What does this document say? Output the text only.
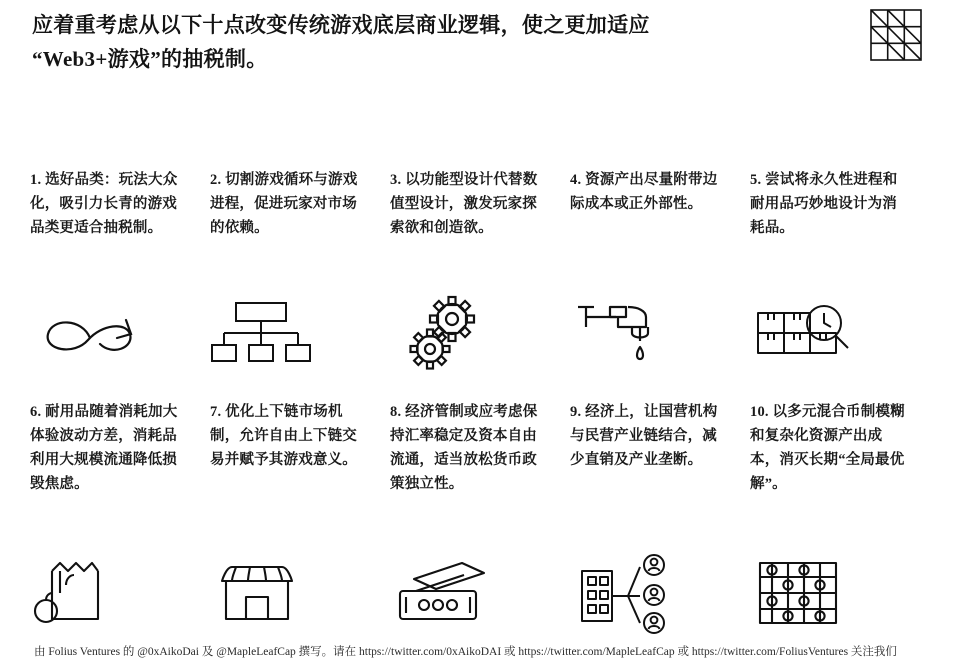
应着重考虑从以下十点改变传统游戏底层商业逻辑，使之更加适应
“Web3+游戏”的抽税制。
1. 选好品类：玩法大众化，吸引力长青的游戏品类更适合抽税制。
2. 切割游戏循环与游戏进程，促进玩家对市场的依赖。
3. 以功能型设计代替数值型设计，激发玩家探索欲和创造欲。
4. 资源产出尽量附带边际成本或正外部性。
5. 尝试将永久性进程和耐用品巧妙地设计为消耗品。
6. 耐用品随着消耗加大体验波动方差，消耗品利用大规模流通降低损毁焦虑。
7. 优化上下链市场机制，允许自由上下链交易并赋予其游戏意义。
8. 经济管制或应考虑保持汇率稳定及资本自由流通，适当放松货币政策独立性。
9. 经济上，让国营机构与民营产业链结合，减少直销及产业垄断。
10. 以多元混合币制模糊和复杂化资源产出成本，消灭长期“全局最优解”。
由 Folius Ventures 的 @0xAikoDai 及 @MapleLeafCap 撰写。请在 https://twitter.com/0xAikoDAI 或 https://twitter.com/MapleLeafCap 或 https://twitter.com/FoliusVentures 关注我们
